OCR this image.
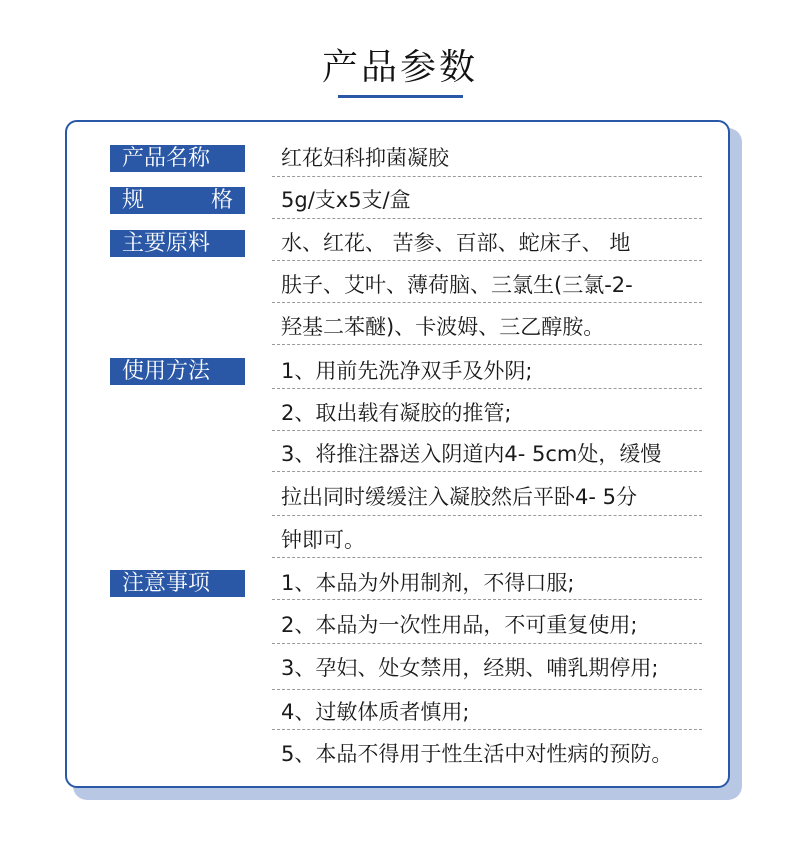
产品参数
产品名称
规	格
主要原料
使用方法
注意事项
红花妇科抑菌凝胶
5g/支x5支/盒
水、红花、 苦参、百部、蛇床子、 地
肤子、艾叶、薄荷脑、三氯生(三氯-2-
羟基二苯醚)、卡波姆、三乙醇胺。
1、用前先洗净双手及外阴;
2、取出载有凝胶的推管;
3、将推注器送入阴道内4- 5cm处，缓慢
拉出同时缓缓注入凝胶然后平卧4- 5分
钟即可。
1、本品为外用制剂，不得口服;
2、本品为一次性用品，不可重复使用;
3、孕妇、处女禁用，经期、哺乳期停用;
4、过敏体质者慎用;
5、本品不得用于性生活中对性病的预防。
